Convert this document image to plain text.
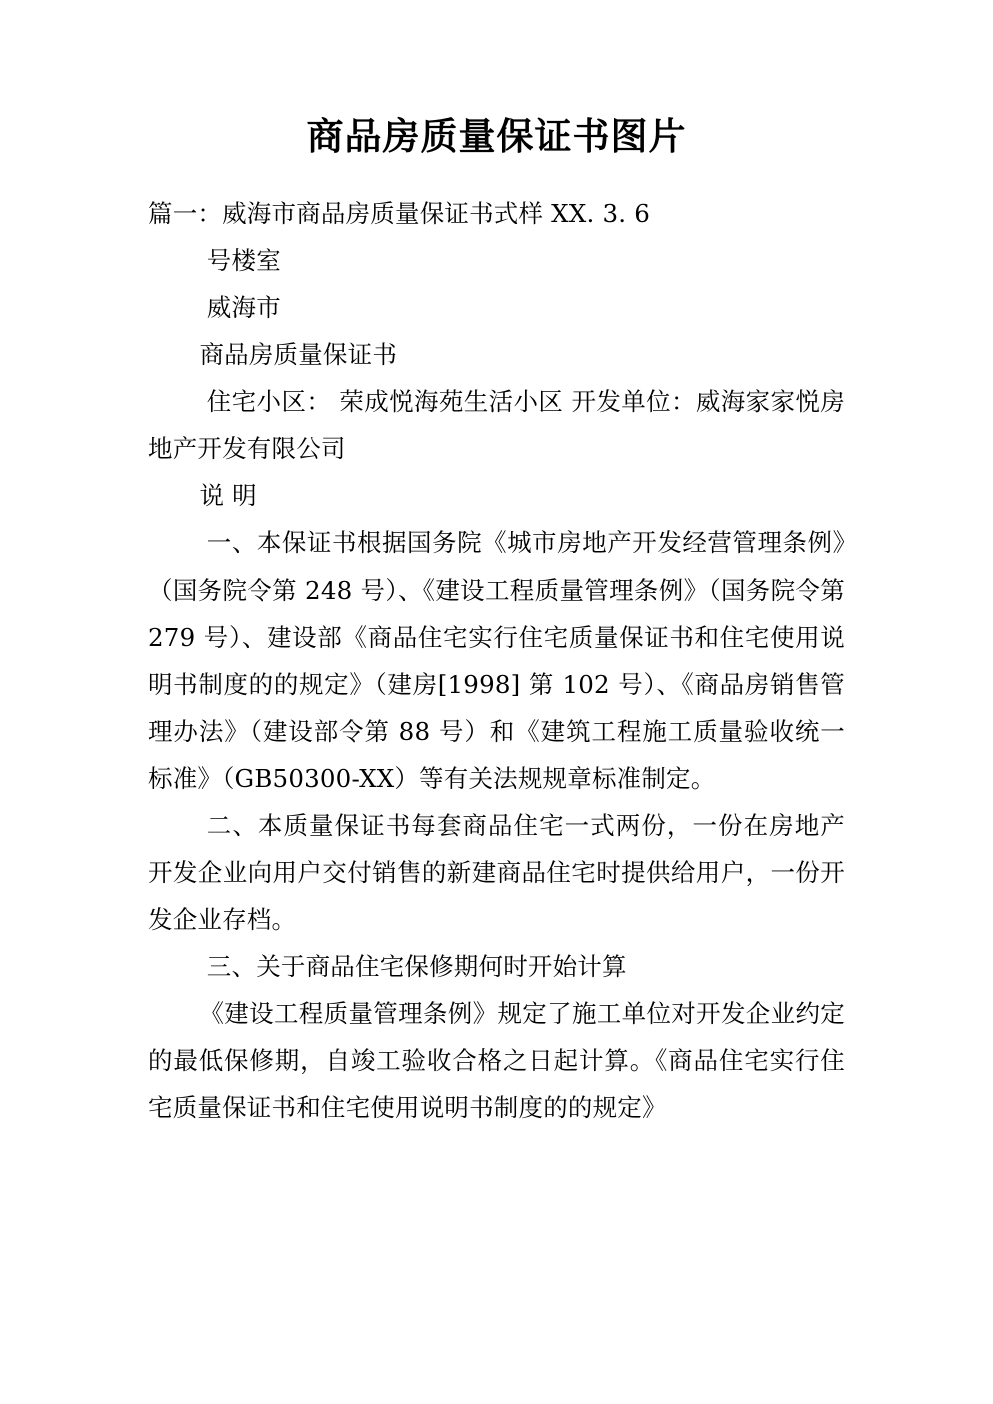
商品房质量保证书图片

篇一：威海市商品房质量保证书式样 XX. 3. 6

号楼室

威海市

商品房质量保证书

住宅小区： 荣成悦海苑生活小区 开发单位：威海家家悦房地产开发有限公司

说 明

一、本保证书根据国务院《城市房地产开发经营管理条例》（国务院令第 248 号）、《建设工程质量管理条例》（国务院令第 279 号）、建设部《商品住宅实行住宅质量保证书和住宅使用说明书制度的的规定》（建房[1998] 第 102 号）、《商品房销售管理办法》（建设部令第 88 号）和《建筑工程施工质量验收统一标准》（GB50300-XX）等有关法规规章标准制定。

二、本质量保证书每套商品住宅一式两份，一份在房地产开发企业向用户交付销售的新建商品住宅时提供给用户，一份开发企业存档。

三、关于商品住宅保修期何时开始计算

《建设工程质量管理条例》规定了施工单位对开发企业约定的最低保修期，自竣工验收合格之日起计算。《商品住宅实行住宅质量保证书和住宅使用说明书制度的的规定》
